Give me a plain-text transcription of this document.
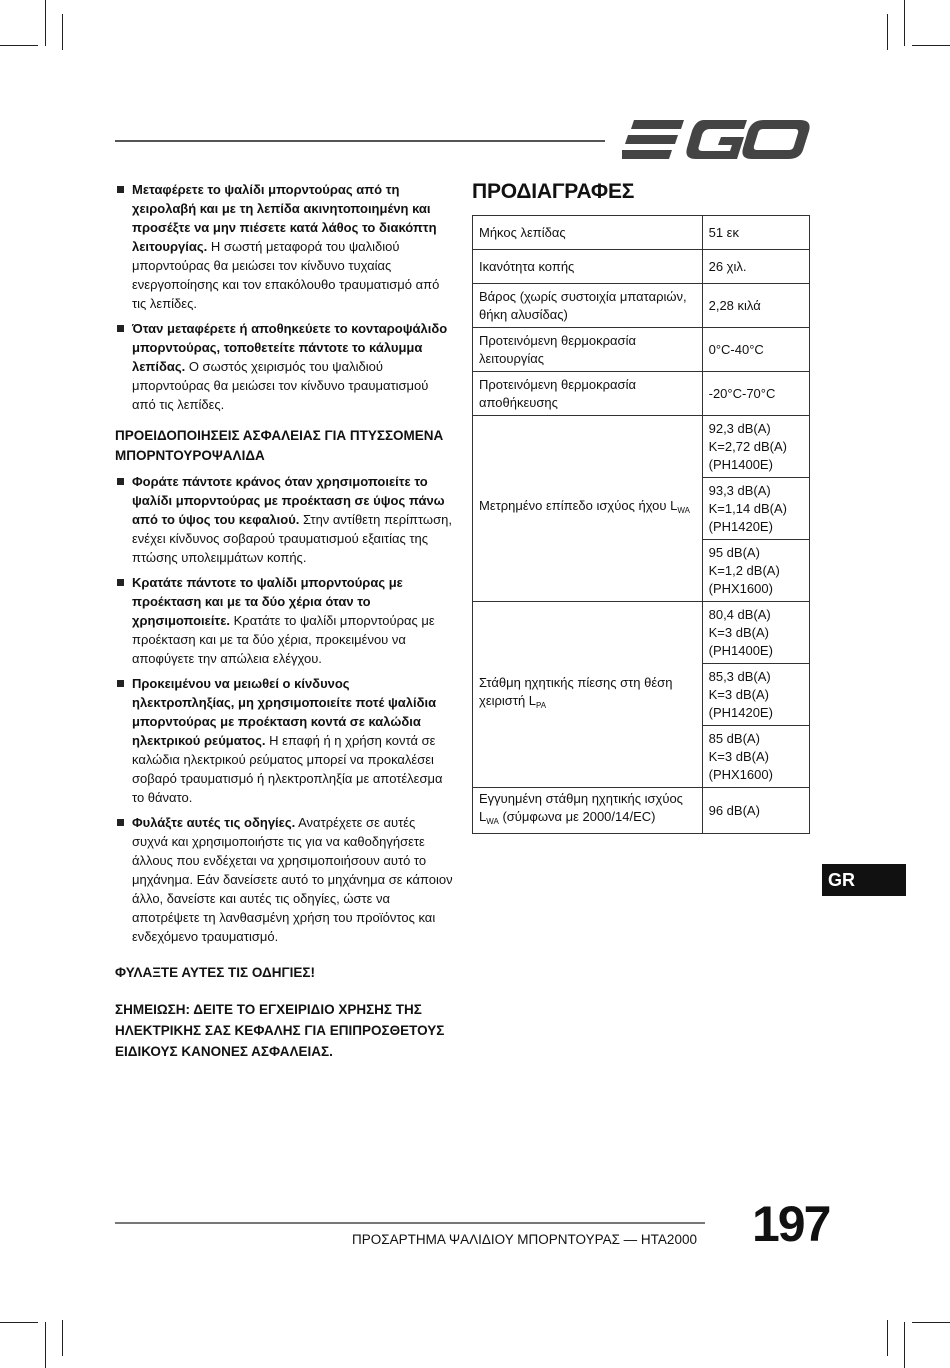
Μεταφέρετε το ψαλίδι μπορντούρας από τη χειρολαβή και με τη λεπίδα ακινητοποιημένη και προσέξτε να μην πιέσετε κατά λάθος το διακόπτη λειτουργίας. Η σωστή μεταφορά του ψαλιδιού μπορντούρας θα μειώσει τον κίνδυνο τυχαίας ενεργοποίησης και τον επακόλουθο τραυματισμό από τις λεπίδες.
Όταν μεταφέρετε ή αποθηκεύετε το κονταροψάλιδο μπορντούρας, τοποθετείτε πάντοτε το κάλυμμα λεπίδας. Ο σωστός χειρισμός του ψαλιδιού μπορντούρας θα μειώσει τον κίνδυνο τραυματισμού από τις λεπίδες.
ΠΡΟΕΙΔΟΠΟΙΗΣΕΙΣ ΑΣΦΑΛΕΙΑΣ ΓΙΑ ΠΤΥΣΣΟΜΕΝΑ ΜΠΟΡΝΤΟΥΡΟΨΑΛΙΔΑ
Φοράτε πάντοτε κράνος όταν χρησιμοποιείτε το ψαλίδι μπορντούρας με προέκταση σε ύψος πάνω από το ύψος του κεφαλιού. Στην αντίθετη περίπτωση, ενέχει κίνδυνος σοβαρού τραυματισμού εξαιτίας της πτώσης υπολειμμάτων κοπής.
Κρατάτε πάντοτε το ψαλίδι μπορντούρας με προέκταση και με τα δύο χέρια όταν το χρησιμοποιείτε. Κρατάτε το ψαλίδι μπορντούρας με προέκταση και με τα δύο χέρια, προκειμένου να αποφύγετε την απώλεια ελέγχου.
Προκειμένου να μειωθεί ο κίνδυνος ηλεκτροπληξίας, μη χρησιμοποιείτε ποτέ ψαλίδια μπορντούρας με προέκταση κοντά σε καλώδια ηλεκτρικού ρεύματος. Η επαφή ή η χρήση κοντά σε καλώδια ηλεκτρικού ρεύματος μπορεί να προκαλέσει σοβαρό τραυματισμό ή ηλεκτροπληξία με αποτέλεσμα το θάνατο.
Φυλάξτε αυτές τις οδηγίες. Ανατρέχετε σε αυτές συχνά και χρησιμοποιήστε τις για να καθοδηγήσετε άλλους που ενδέχεται να χρησιμοποιήσουν αυτό το μηχάνημα. Εάν δανείσετε αυτό το μηχάνημα σε κάποιον άλλο, δανείστε και αυτές τις οδηγίες, ώστε να αποτρέψετε τη λανθασμένη χρήση του προϊόντος και ενδεχόμενο τραυματισμό.
ΦΥΛΑΞΤΕ ΑΥΤΕΣ ΤΙΣ ΟΔΗΓΙΕΣ!
ΣΗΜΕΙΩΣΗ: ΔΕΙΤΕ ΤΟ ΕΓΧΕΙΡΙΔΙΟ ΧΡΗΣΗΣ ΤΗΣ ΗΛΕΚΤΡΙΚΗΣ ΣΑΣ ΚΕΦΑΛΗΣ ΓΙΑ ΕΠΙΠΡΟΣΘΕΤΟΥΣ ΕΙΔΙΚΟΥΣ ΚΑΝΟΝΕΣ ΑΣΦΑΛΕΙΑΣ.
ΠΡΟΔΙΑΓΡΑΦΕΣ
Μήκος λεπίδας	51 εκ
Ικανότητα κοπής	26 χιλ.
Βάρος (χωρίς συστοιχία μπαταριών, θήκη αλυσίδας)	2,28 κιλά
Προτεινόμενη θερμοκρασία λειτουργίας	0°C-40°C
Προτεινόμενη θερμοκρασία αποθήκευσης	-20°C-70°C
Μετρημένο επίπεδο ισχύος ήχου $L_{WA}$	92,3 dB(A)
K=2,72 dB(A)
(PH1400E)
	93,3 dB(A)
K=1,14 dB(A)
(PH1420E)
	95 dB(A)
K=1,2 dB(A)
(PHX1600)
Στάθμη ηχητικής πίεσης στη θέση χειριστή $L_{PA}$	80,4 dB(A)
K=3 dB(A)
(PH1400E)
	85,3 dB(A)
K=3 dB(A)
(PH1420E)
	85 dB(A)
K=3 dB(A)
(PHX1600)
Εγγυημένη στάθμη ηχητικής ισχύος $L_{WA}$ (σύμφωνα με 2000/14/EC)	96 dB(A)
GR
ΠΡΟΣΑΡΤΗΜΑ ΨΑΛΙΔΙΟΥ ΜΠΟΡΝΤΟΥΡΑΣ — HTA2000 197
